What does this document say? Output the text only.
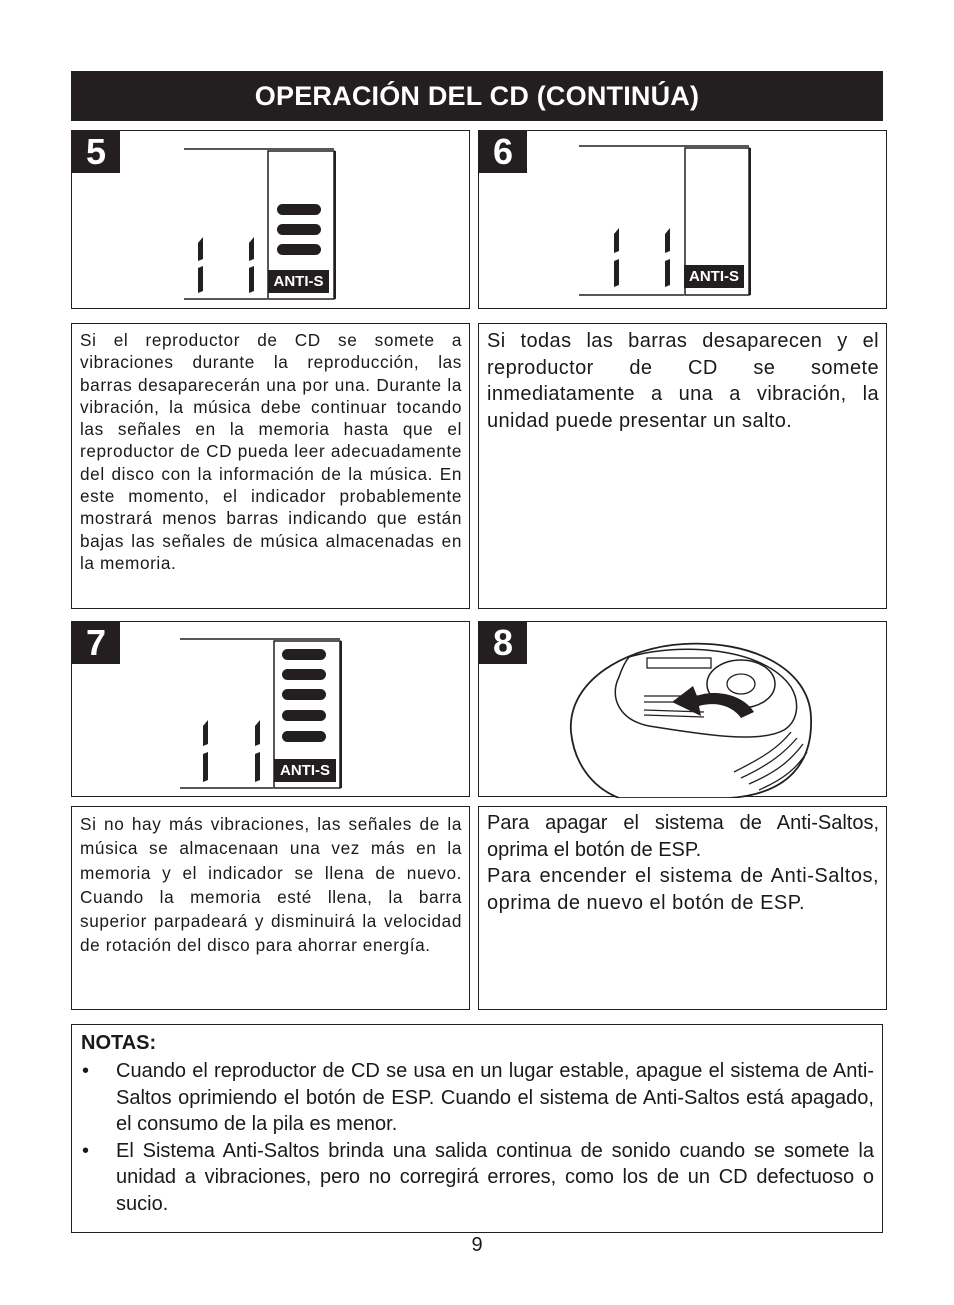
OPERACIÓN DEL CD (CONTINÚA)
5
ANTI-S
6
ANTI-S
Si el reproductor de CD se somete a vibraciones durante la reproducción, las barras desaparecerán una por una. Durante la vibración, la música debe continuar tocando las señales en la memoria hasta que el reproductor de CD pueda leer adecuadamente del disco con la información de la música. En este momento, el indicador probablemente mostrará menos barras indicando que están bajas las señales de música almacenadas en la memoria.
Si todas las barras desaparecen y el reproductor de CD se somete inmediatamente a una a vibración, la unidad puede presentar un salto.
7
ANTI-S
8
Si no hay más vibraciones, las señales de la música se almacenaan una vez más en la memoria y el indicador se llena de nuevo. Cuando la memoria esté llena, la barra superior parpadeará y disminuirá la velocidad de rotación del disco para ahorrar energía.
Para apagar el sistema de Anti-Saltos, oprima el botón de ESP.
Para encender el sistema de Anti-Saltos, oprima de nuevo el botón de ESP.
NOTAS:
• Cuando el reproductor de CD se usa en un lugar estable, apague el sistema de Anti-Saltos oprimiendo el botón de ESP. Cuando el sistema de Anti-Saltos está apagado, el consumo de la pila es menor.
• El Sistema Anti-Saltos brinda una salida continua de sonido cuando se somete la unidad a vibraciones, pero no corregirá errores, como los de un CD defectuoso o sucio.
9
